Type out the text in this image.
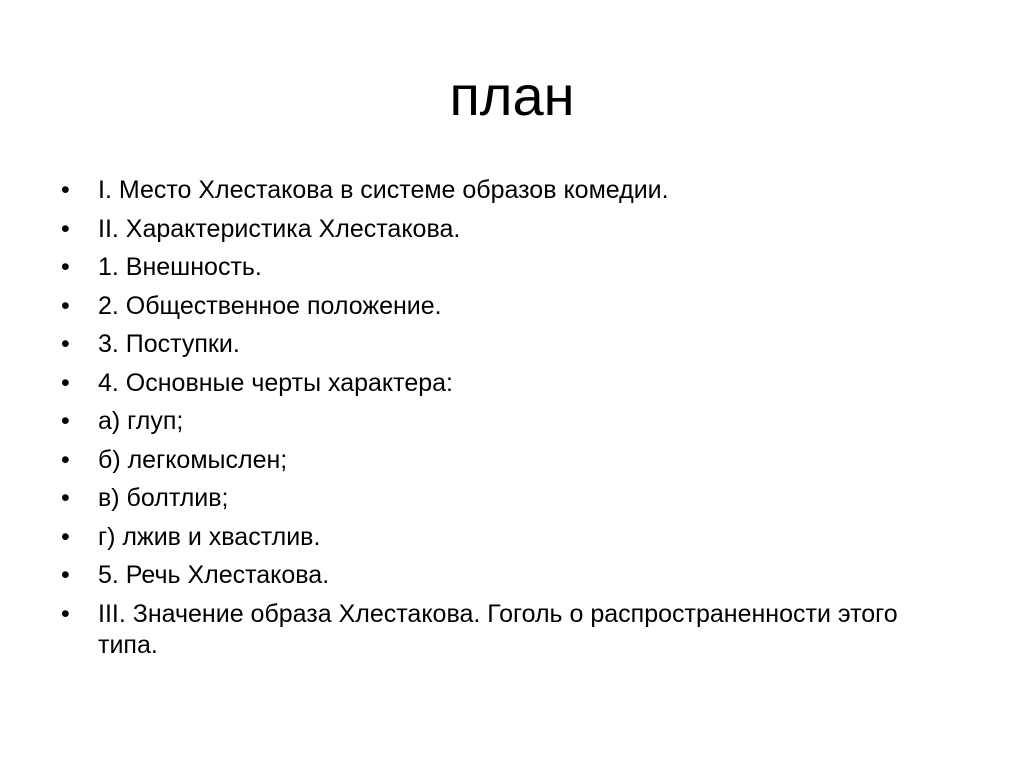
план
•	I. Место Хлестакова в системе образов комедии.
•	II. Характеристика Хлестакова.
•	1. Внешность.
•	2. Общественное положение.
•	3. Поступки.
•	4. Основные черты характера:
•	а) глуп;
•	б) легкомыслен;
•	в) болтлив;
•	г) лжив и хвастлив.
•	5. Речь Хлестакова.
•	III. Значение образа Хлестакова. Гоголь о распространенности этого типа.
